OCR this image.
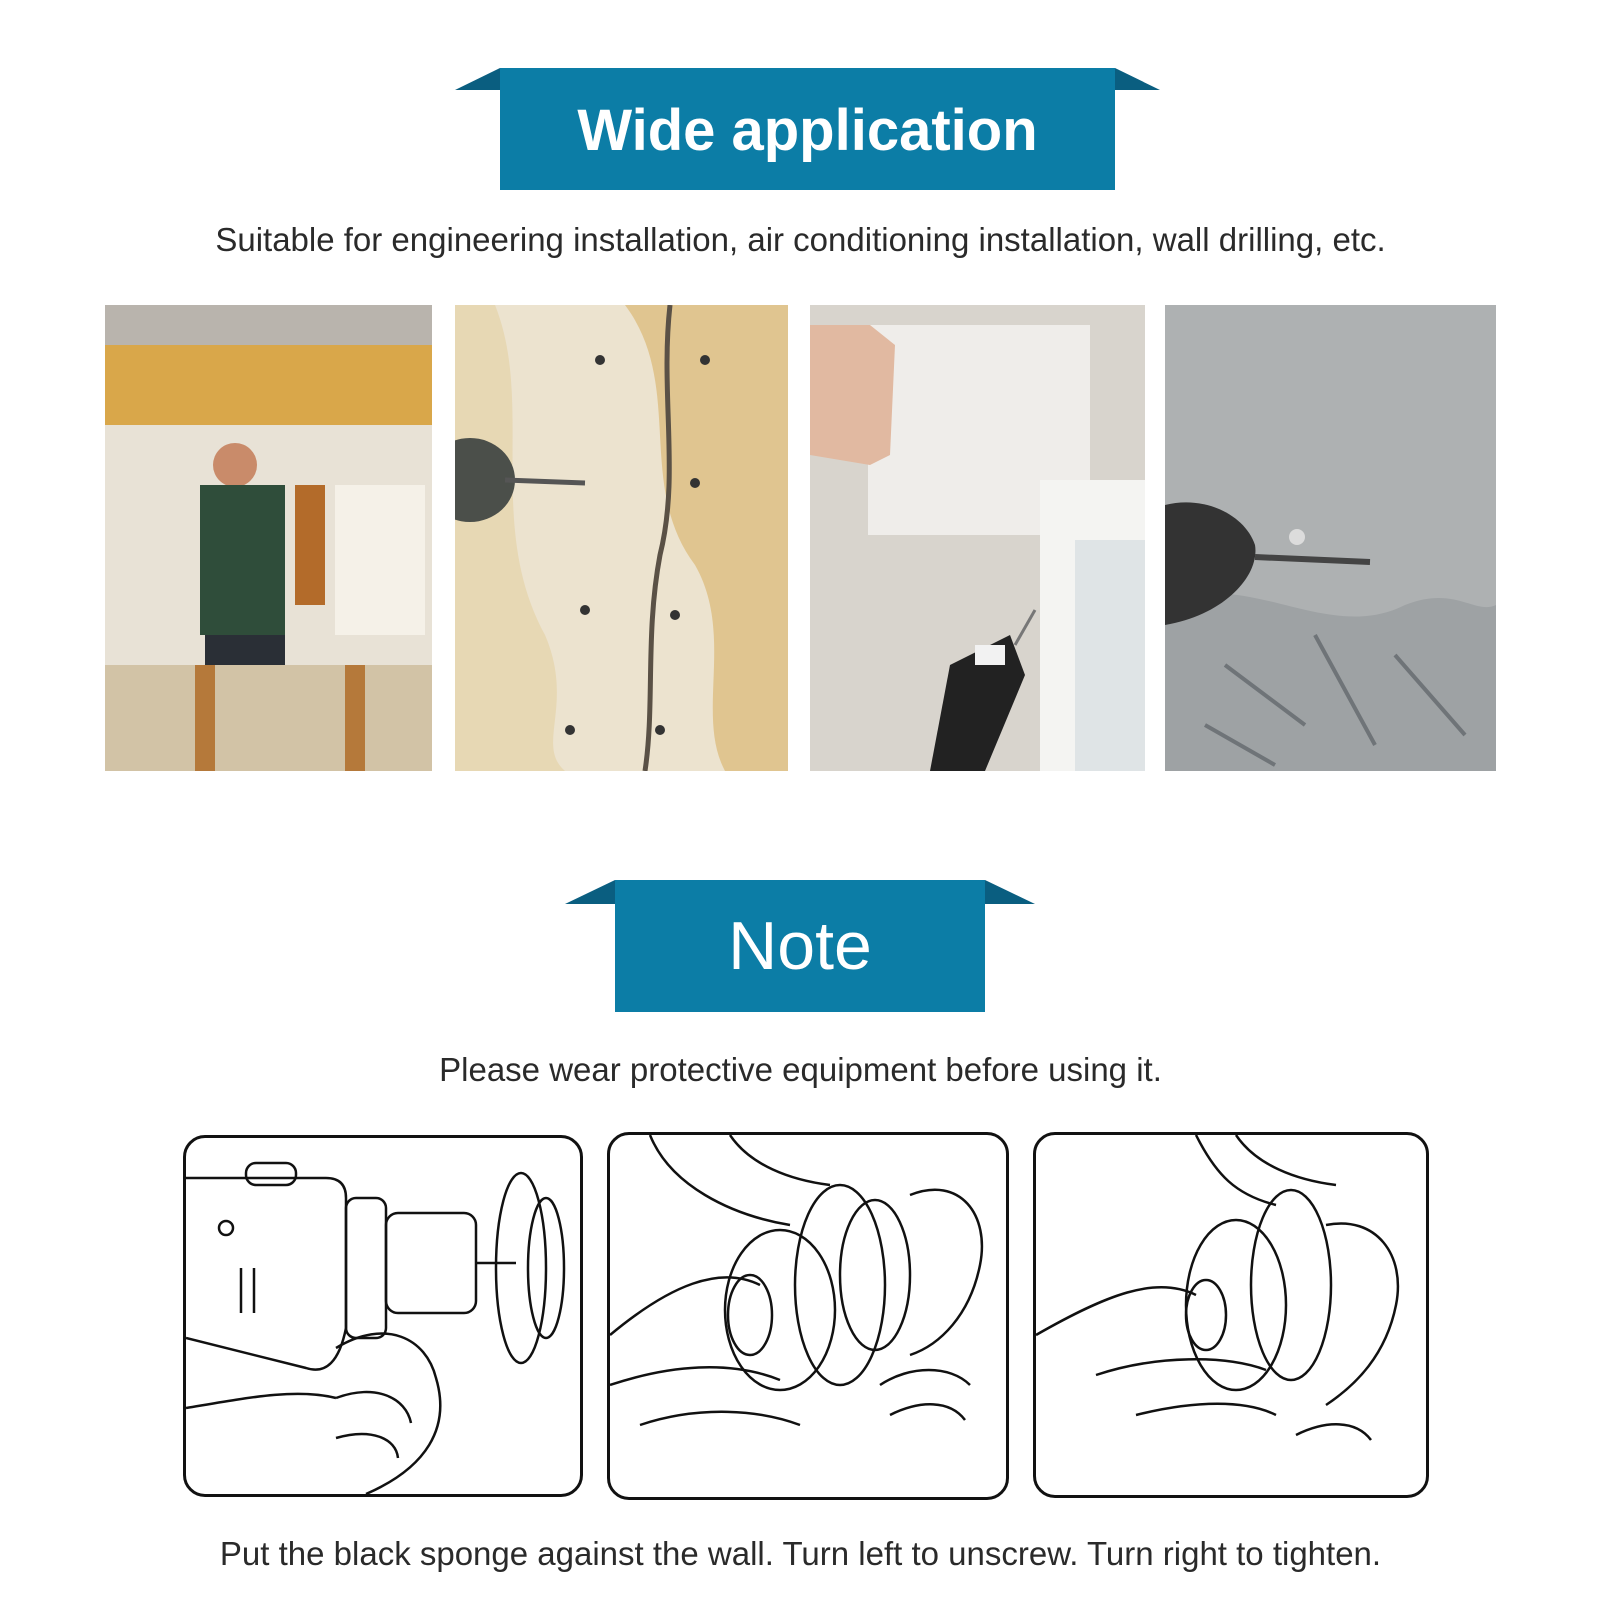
Wide application
Suitable for engineering installation, air conditioning installation, wall drilling, etc.
Note
Please wear protective equipment before using it.
Put the black sponge against the wall. Turn left to unscrew. Turn right to tighten.
